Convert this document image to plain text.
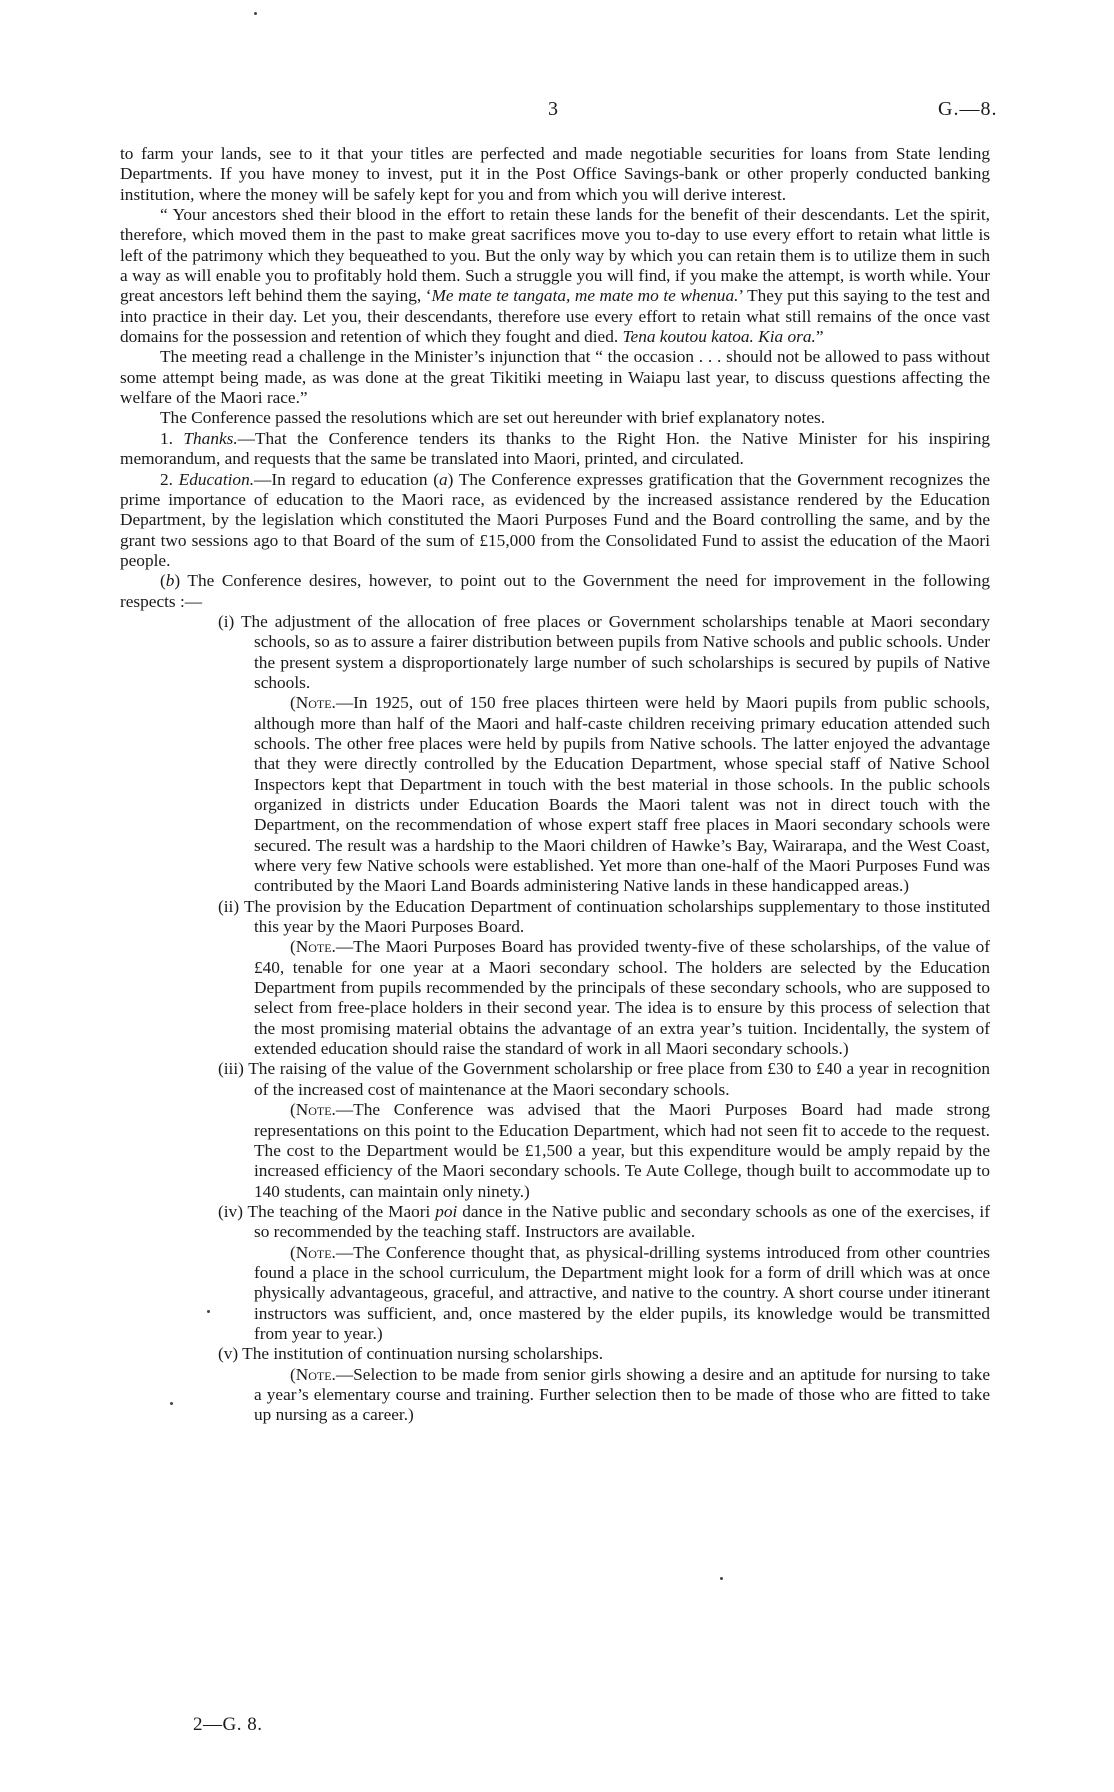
3	G.—8.

to farm your lands, see to it that your titles are perfected and made negotiable securities for loans from State lending Departments. If you have money to invest, put it in the Post Office Savings-bank or other properly conducted banking institution, where the money will be safely kept for you and from which you will derive interest.

“ Your ancestors shed their blood in the effort to retain these lands for the benefit of their descendants. Let the spirit, therefore, which moved them in the past to make great sacrifices move you to-day to use every effort to retain what little is left of the patrimony which they bequeathed to you. But the only way by which you can retain them is to utilize them in such a way as will enable you to profitably hold them. Such a struggle you will find, if you make the attempt, is worth while. Your great ancestors left behind them the saying, ‘Me mate te tangata, me mate mo te whenua.’ They put this saying to the test and into practice in their day. Let you, their descendants, therefore use every effort to retain what still remains of the once vast domains for the possession and retention of which they fought and died. Tena koutou katoa. Kia ora.”

The meeting read a challenge in the Minister’s injunction that “ the occasion . . . should not be allowed to pass without some attempt being made, as was done at the great Tikitiki meeting in Waiapu last year, to discuss questions affecting the welfare of the Maori race.”

The Conference passed the resolutions which are set out hereunder with brief explanatory notes.

1. Thanks.—That the Conference tenders its thanks to the Right Hon. the Native Minister for his inspiring memorandum, and requests that the same be translated into Maori, printed, and circulated.

2. Education.—In regard to education (a) The Conference expresses gratification that the Government recognizes the prime importance of education to the Maori race, as evidenced by the increased assistance rendered by the Education Department, by the legislation which constituted the Maori Purposes Fund and the Board controlling the same, and by the grant two sessions ago to that Board of the sum of £15,000 from the Consolidated Fund to assist the education of the Maori people.

(b) The Conference desires, however, to point out to the Government the need for improvement in the following respects :—

(i) The adjustment of the allocation of free places or Government scholarships tenable at Maori secondary schools, so as to assure a fairer distribution between pupils from Native schools and public schools. Under the present system a disproportionately large number of such scholarships is secured by pupils of Native schools.

(Note.—In 1925, out of 150 free places thirteen were held by Maori pupils from public schools, although more than half of the Maori and half-caste children receiving primary education attended such schools. The other free places were held by pupils from Native schools. The latter enjoyed the advantage that they were directly controlled by the Education Department, whose special staff of Native School Inspectors kept that Department in touch with the best material in those schools. In the public schools organized in districts under Education Boards the Maori talent was not in direct touch with the Department, on the recommendation of whose expert staff free places in Maori secondary schools were secured. The result was a hardship to the Maori children of Hawke’s Bay, Wairarapa, and the West Coast, where very few Native schools were established. Yet more than one-half of the Maori Purposes Fund was contributed by the Maori Land Boards administering Native lands in these handicapped areas.)

(ii) The provision by the Education Department of continuation scholarships supplementary to those instituted this year by the Maori Purposes Board.

(Note.—The Maori Purposes Board has provided twenty-five of these scholarships, of the value of £40, tenable for one year at a Maori secondary school. The holders are selected by the Education Department from pupils recommended by the principals of these secondary schools, who are supposed to select from free-place holders in their second year. The idea is to ensure by this process of selection that the most promising material obtains the advantage of an extra year’s tuition. Incidentally, the system of extended education should raise the standard of work in all Maori secondary schools.)

(iii) The raising of the value of the Government scholarship or free place from £30 to £40 a year in recognition of the increased cost of maintenance at the Maori secondary schools.

(Note.—The Conference was advised that the Maori Purposes Board had made strong representations on this point to the Education Department, which had not seen fit to accede to the request. The cost to the Department would be £1,500 a year, but this expenditure would be amply repaid by the increased efficiency of the Maori secondary schools. Te Aute College, though built to accommodate up to 140 students, can maintain only ninety.)

(iv) The teaching of the Maori poi dance in the Native public and secondary schools as one of the exercises, if so recommended by the teaching staff. Instructors are available.

(Note.—The Conference thought that, as physical-drilling systems introduced from other countries found a place in the school curriculum, the Department might look for a form of drill which was at once physically advantageous, graceful, and attractive, and native to the country. A short course under itinerant instructors was sufficient, and, once mastered by the elder pupils, its knowledge would be transmitted from year to year.)

(v) The institution of continuation nursing scholarships.

(Note.—Selection to be made from senior girls showing a desire and an aptitude for nursing to take a year’s elementary course and training. Further selection then to be made of those who are fitted to take up nursing as a career.)

2—G. 8.
